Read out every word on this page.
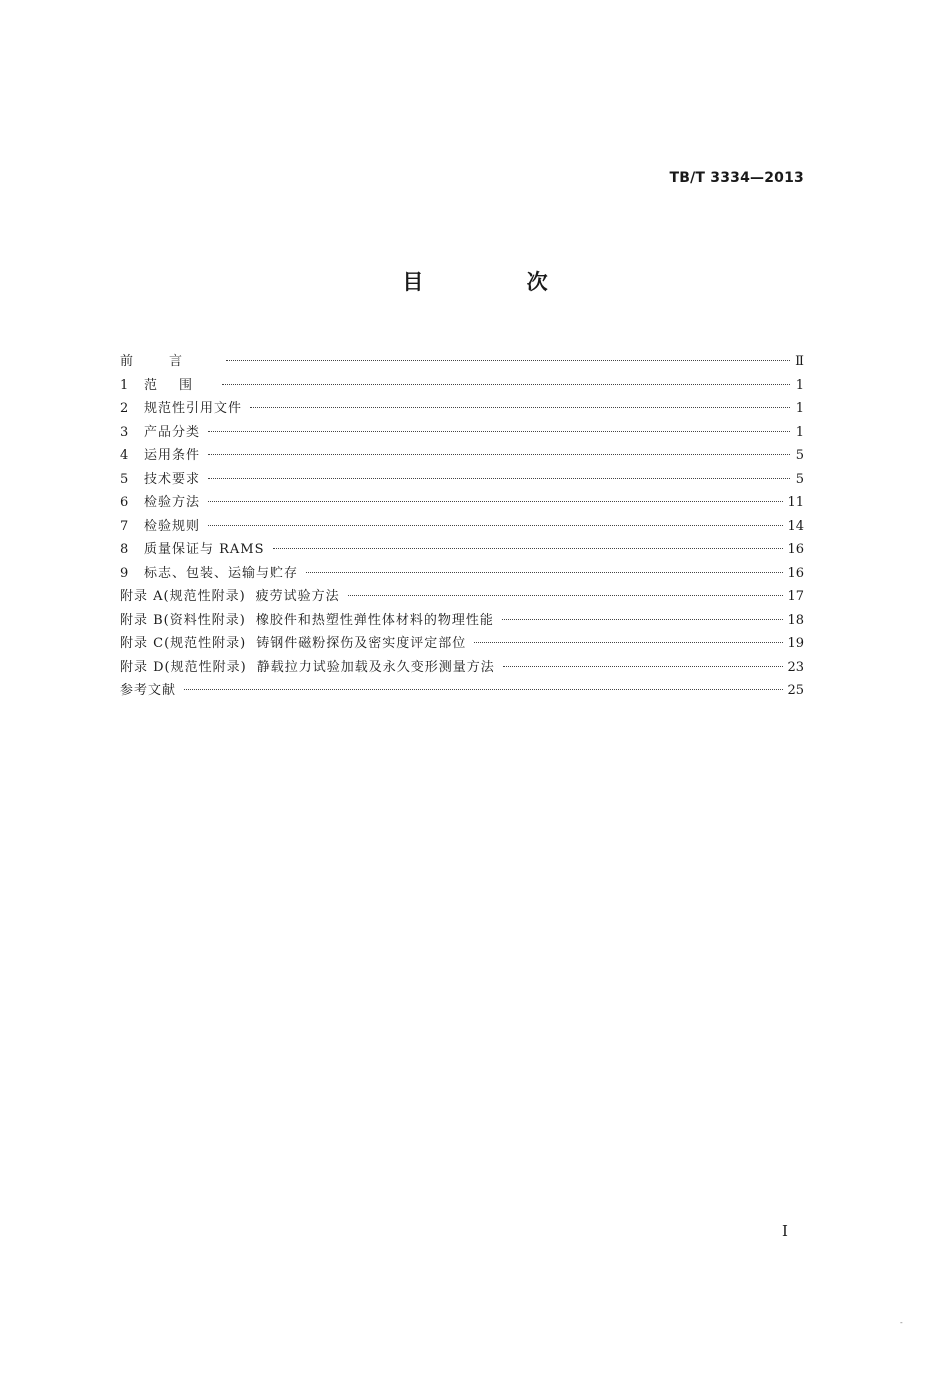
TB/T 3334—2013
目 次
前言	Ⅱ
1 范围	1
2 规范性引用文件	1
3 产品分类	1
4 运用条件	5
5 技术要求	5
6 检验方法	11
7 检验规则	14
8 质量保证与 RAMS	16
9 标志、包装、运输与贮存	16
附录 A(规范性附录) 疲劳试验方法	17
附录 B(资料性附录) 橡胶件和热塑性弹性体材料的物理性能	18
附录 C(规范性附录) 铸钢件磁粉探伤及密实度评定部位	19
附录 D(规范性附录) 静载拉力试验加载及永久变形测量方法	23
参考文献	25
I
-
